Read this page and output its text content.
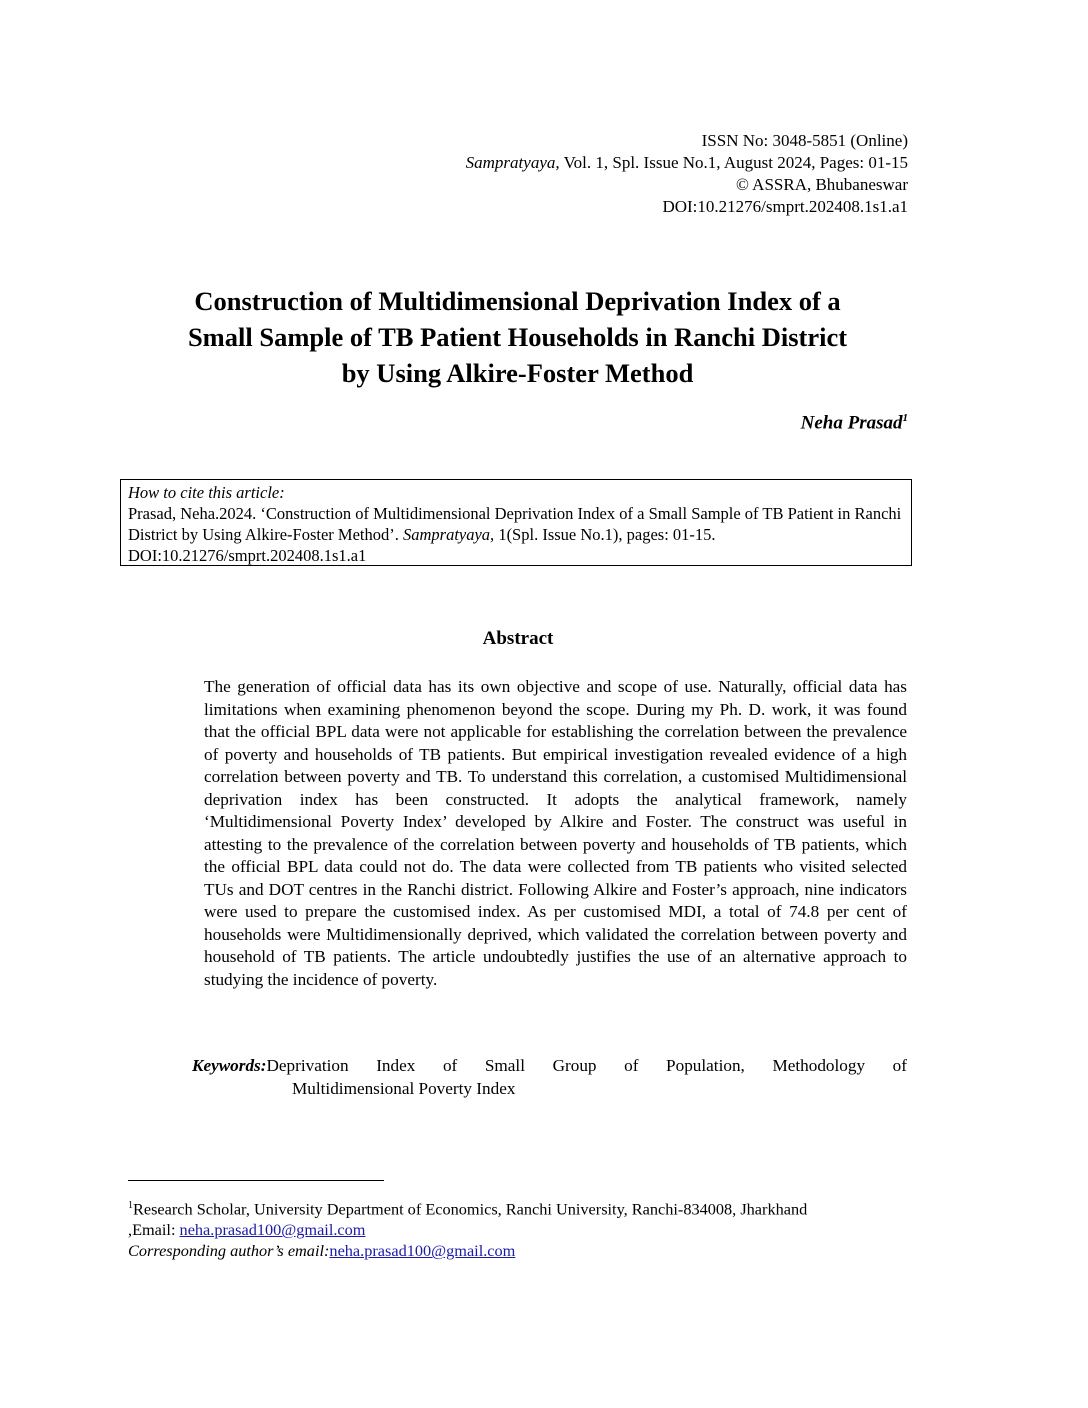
ISSN No: 3048-5851 (Online)
Sampratyaya, Vol. 1, Spl. Issue No.1, August 2024, Pages: 01-15
© ASSRA, Bhubaneswar
DOI:10.21276/smprt.202408.1s1.a1
Construction of Multidimensional Deprivation Index of a
Small Sample of TB Patient Households in Ranchi District
by Using Alkire-Foster Method
Neha Prasad$^1$
How to cite this article:
Prasad, Neha.2024. ‘Construction of Multidimensional Deprivation Index of a Small Sample of TB Patient in Ranchi District by Using Alkire-Foster Method’. Sampratyaya, 1(Spl. Issue No.1), pages: 01-15.
DOI:10.21276/smprt.202408.1s1.a1
Abstract
The generation of official data has its own objective and scope of use. Naturally, official data has limitations when examining phenomenon beyond the scope. During my Ph. D. work, it was found that the official BPL data were not applicable for establishing the correlation between the prevalence of poverty and households of TB patients. But empirical investigation revealed evidence of a high correlation between poverty and TB. To understand this correlation, a customised Multidimensional deprivation index has been constructed. It adopts the analytical framework, namely ‘Multidimensional Poverty Index’ developed by Alkire and Foster. The construct was useful in attesting to the prevalence of the correlation between poverty and households of TB patients, which the official BPL data could not do. The data were collected from TB patients who visited selected TUs and DOT centres in the Ranchi district. Following Alkire and Foster’s approach, nine indicators were used to prepare the customised index. As per customised MDI, a total of 74.8 per cent of households were Multidimensionally deprived, which validated the correlation between poverty and household of TB patients. The article undoubtedly justifies the use of an alternative approach to studying the incidence of poverty.
Keywords: Deprivation Index of Small Group of Population, Methodology of
Multidimensional Poverty Index
$^1$Research Scholar, University Department of Economics, Ranchi University, Ranchi-834008, Jharkhand
,Email: neha.prasad100@gmail.com
Corresponding author’s email:neha.prasad100@gmail.com
